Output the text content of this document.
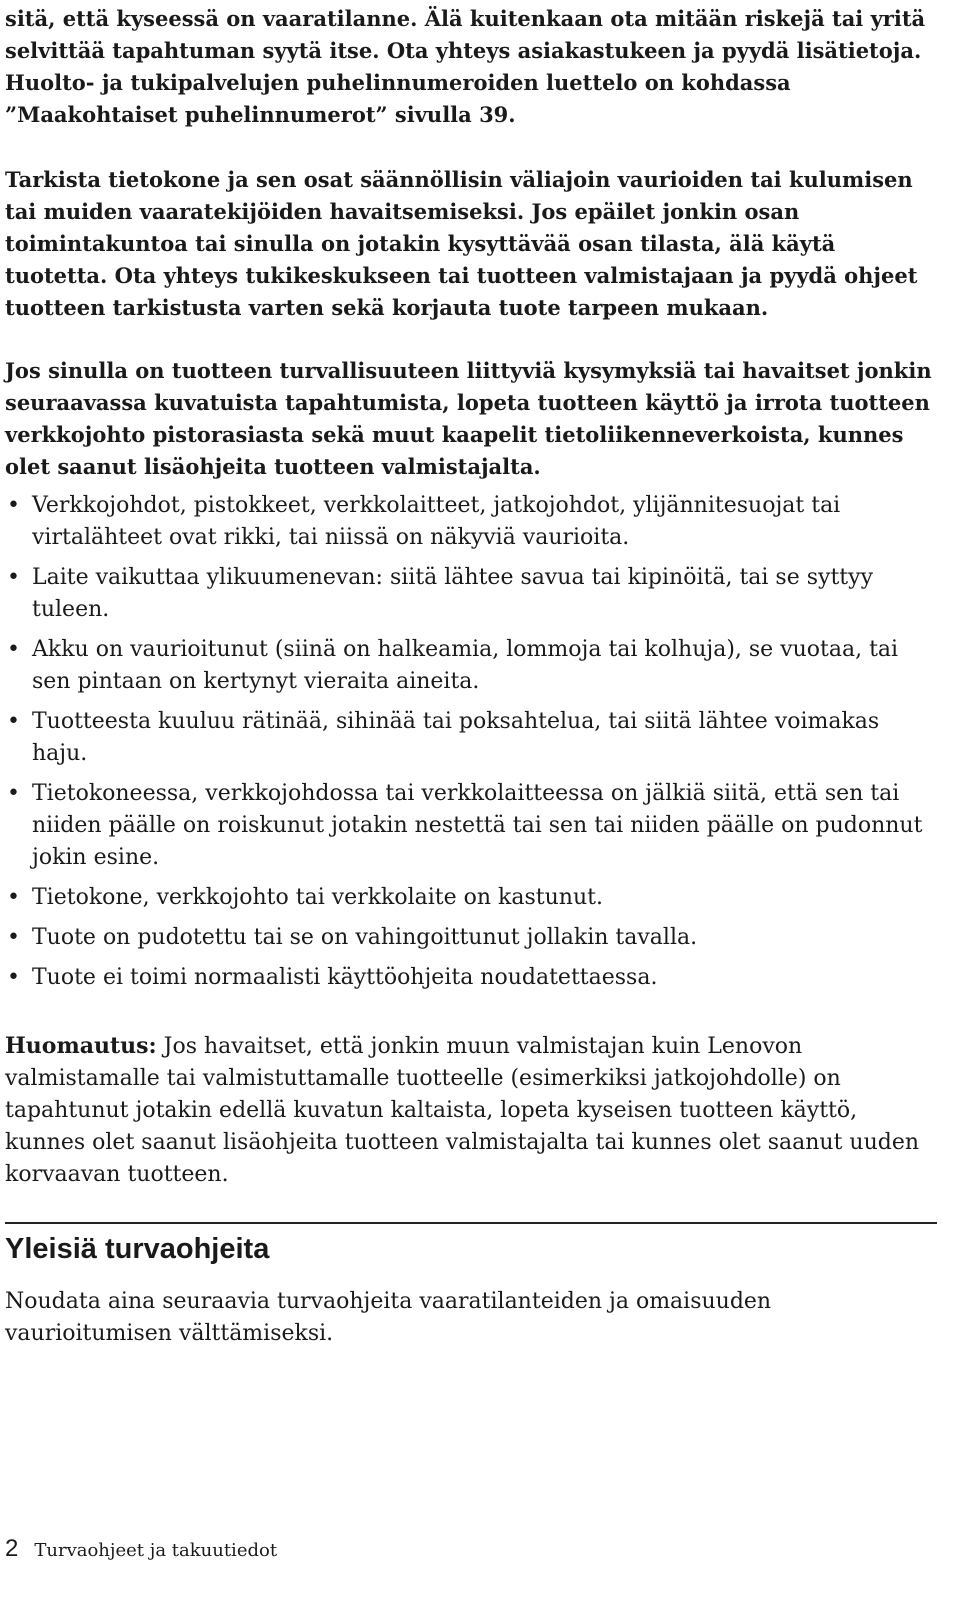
sitä, että kyseessä on vaaratilanne. Älä kuitenkaan ota mitään riskejä tai yritä selvittää tapahtuman syytä itse. Ota yhteys asiakastukeen ja pyydä lisätietoja. Huolto- ja tukipalvelujen puhelinnumeroiden luettelo on kohdassa ”Maakohtaiset puhelinnumerot” sivulla 39.

Tarkista tietokone ja sen osat säännöllisin väliajoin vaurioiden tai kulumisen tai muiden vaaratekijöiden havaitsemiseksi. Jos epäilet jonkin osan toimintakuntoa tai sinulla on jotakin kysyttävää osan tilasta, älä käytä tuotetta. Ota yhteys tukikeskukseen tai tuotteen valmistajaan ja pyydä ohjeet tuotteen tarkistusta varten sekä korjauta tuote tarpeen mukaan.

Jos sinulla on tuotteen turvallisuuteen liittyviä kysymyksiä tai havaitset jonkin seuraavassa kuvatuista tapahtumista, lopeta tuotteen käyttö ja irrota tuotteen verkkojohto pistorasiasta sekä muut kaapelit tietoliikenneverkoista, kunnes olet saanut lisäohjeita tuotteen valmistajalta.

• Verkkojohdot, pistokkeet, verkkolaitteet, jatkojohdot, ylijännitesuojat tai virtalähteet ovat rikki, tai niissä on näkyviä vaurioita.
• Laite vaikuttaa ylikuumenevan: siitä lähtee savua tai kipinöitä, tai se syttyy tuleen.
• Akku on vaurioitunut (siinä on halkeamia, lommoja tai kolhuja), se vuotaa, tai sen pintaan on kertynyt vieraita aineita.
• Tuotteesta kuuluu rätinää, sihinää tai poksahtelua, tai siitä lähtee voimakas haju.
• Tietokoneessa, verkkojohdossa tai verkkolaitteessa on jälkiä siitä, että sen tai niiden päälle on roiskunut jotakin nestettä tai sen tai niiden päälle on pudonnut jokin esine.
• Tietokone, verkkojohto tai verkkolaite on kastunut.
• Tuote on pudotettu tai se on vahingoittunut jollakin tavalla.
• Tuote ei toimi normaalisti käyttöohjeita noudatettaessa.

Huomautus: Jos havaitset, että jonkin muun valmistajan kuin Lenovon valmistamalle tai valmistuttamalle tuotteelle (esimerkiksi jatkojohdolle) on tapahtunut jotakin edellä kuvatun kaltaista, lopeta kyseisen tuotteen käyttö, kunnes olet saanut lisäohjeita tuotteen valmistajalta tai kunnes olet saanut uuden korvaavan tuotteen.

Yleisiä turvaohjeita

Noudata aina seuraavia turvaohjeita vaaratilanteiden ja omaisuuden vaurioitumisen välttämiseksi.

2 Turvaohjeet ja takuutiedot
